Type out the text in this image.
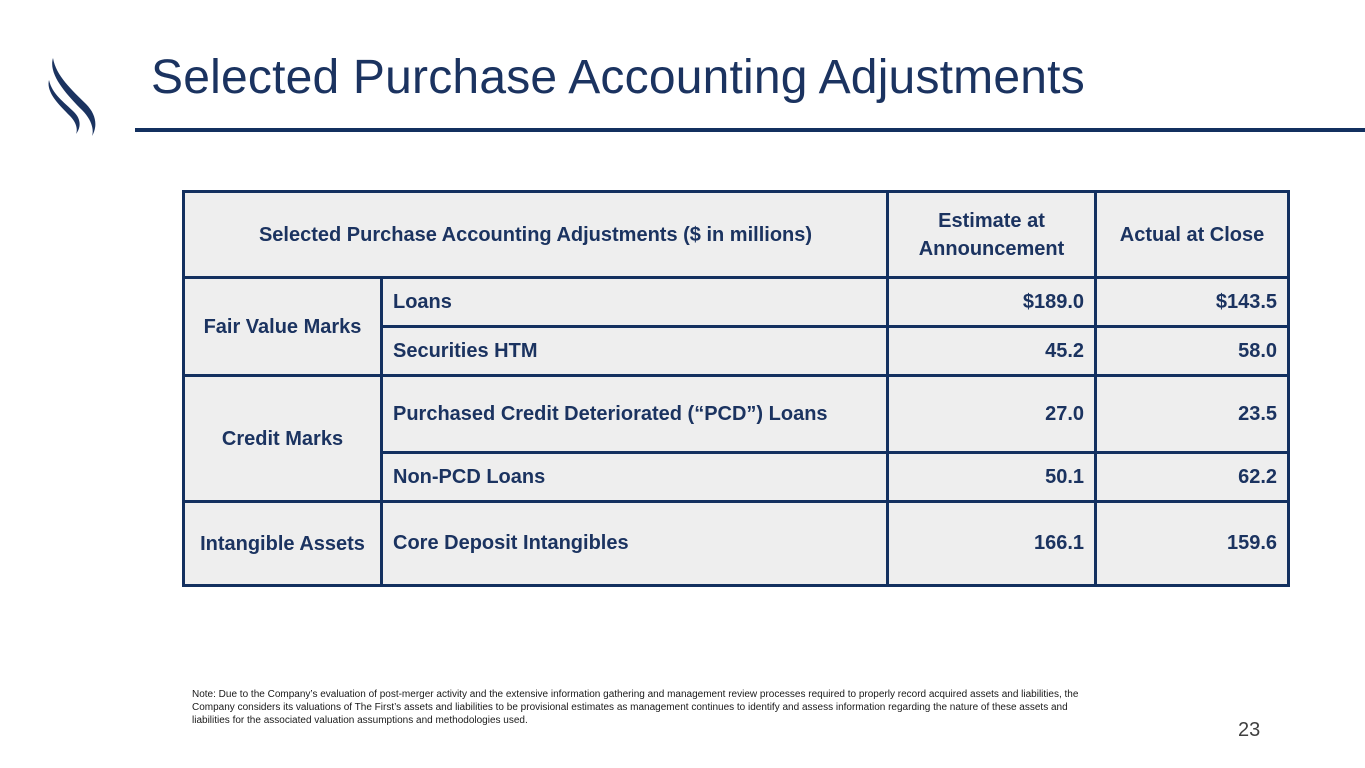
Selected Purchase Accounting Adjustments
Selected Purchase Accounting Adjustments ($ in millions)		Estimate at Announcement	Actual at Close
Fair Value Marks	Loans	$189.0	$143.5
	Securities HTM	45.2	58.0
Credit Marks	Purchased Credit Deteriorated (“PCD”) Loans	27.0	23.5
	Non-PCD Loans	50.1	62.2
Intangible Assets	Core Deposit Intangibles	166.1	159.6

Note: Due to the Company’s evaluation of post-merger activity and the extensive information gathering and management review processes required to properly record acquired assets and liabilities, the Company considers its valuations of The First’s assets and liabilities to be provisional estimates as management continues to identify and assess information regarding the nature of these assets and liabilities for the associated valuation assumptions and methodologies used.	23
